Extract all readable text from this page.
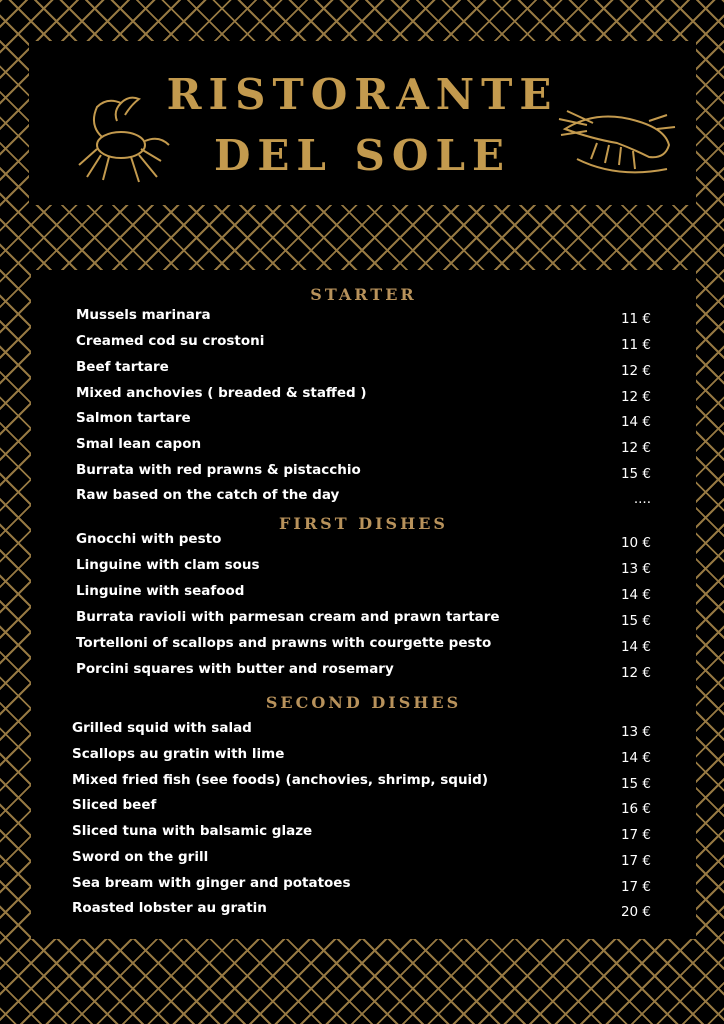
RISTORANTE
DEL SOLE
STARTER
Mussels marinara	11 €
Creamed cod su crostoni	11 €
Beef tartare	12 €
Mixed anchovies ( breaded & staffed )	12 €
Salmon tartare	14 €
Smal lean capon	12 €
Burrata with red prawns & pistacchio	15 €
Raw based on the catch of the day	....
FIRST DISHES
Gnocchi with pesto	10 €
Linguine with clam sous	13 €
Linguine with seafood	14 €
Burrata ravioli with parmesan cream and prawn tartare	15 €
Tortelloni of scallops and prawns with courgette pesto	14 €
Porcini squares with butter and rosemary	12 €
SECOND DISHES
Grilled squid with salad	13 €
Scallops au gratin with lime	14 €
Mixed fried fish (see foods) (anchovies, shrimp, squid)	15 €
Sliced beef	16 €
Sliced tuna with balsamic glaze	17 €
Sword on the grill	17 €
Sea bream with ginger and potatoes	17 €
Roasted lobster au gratin	20 €
